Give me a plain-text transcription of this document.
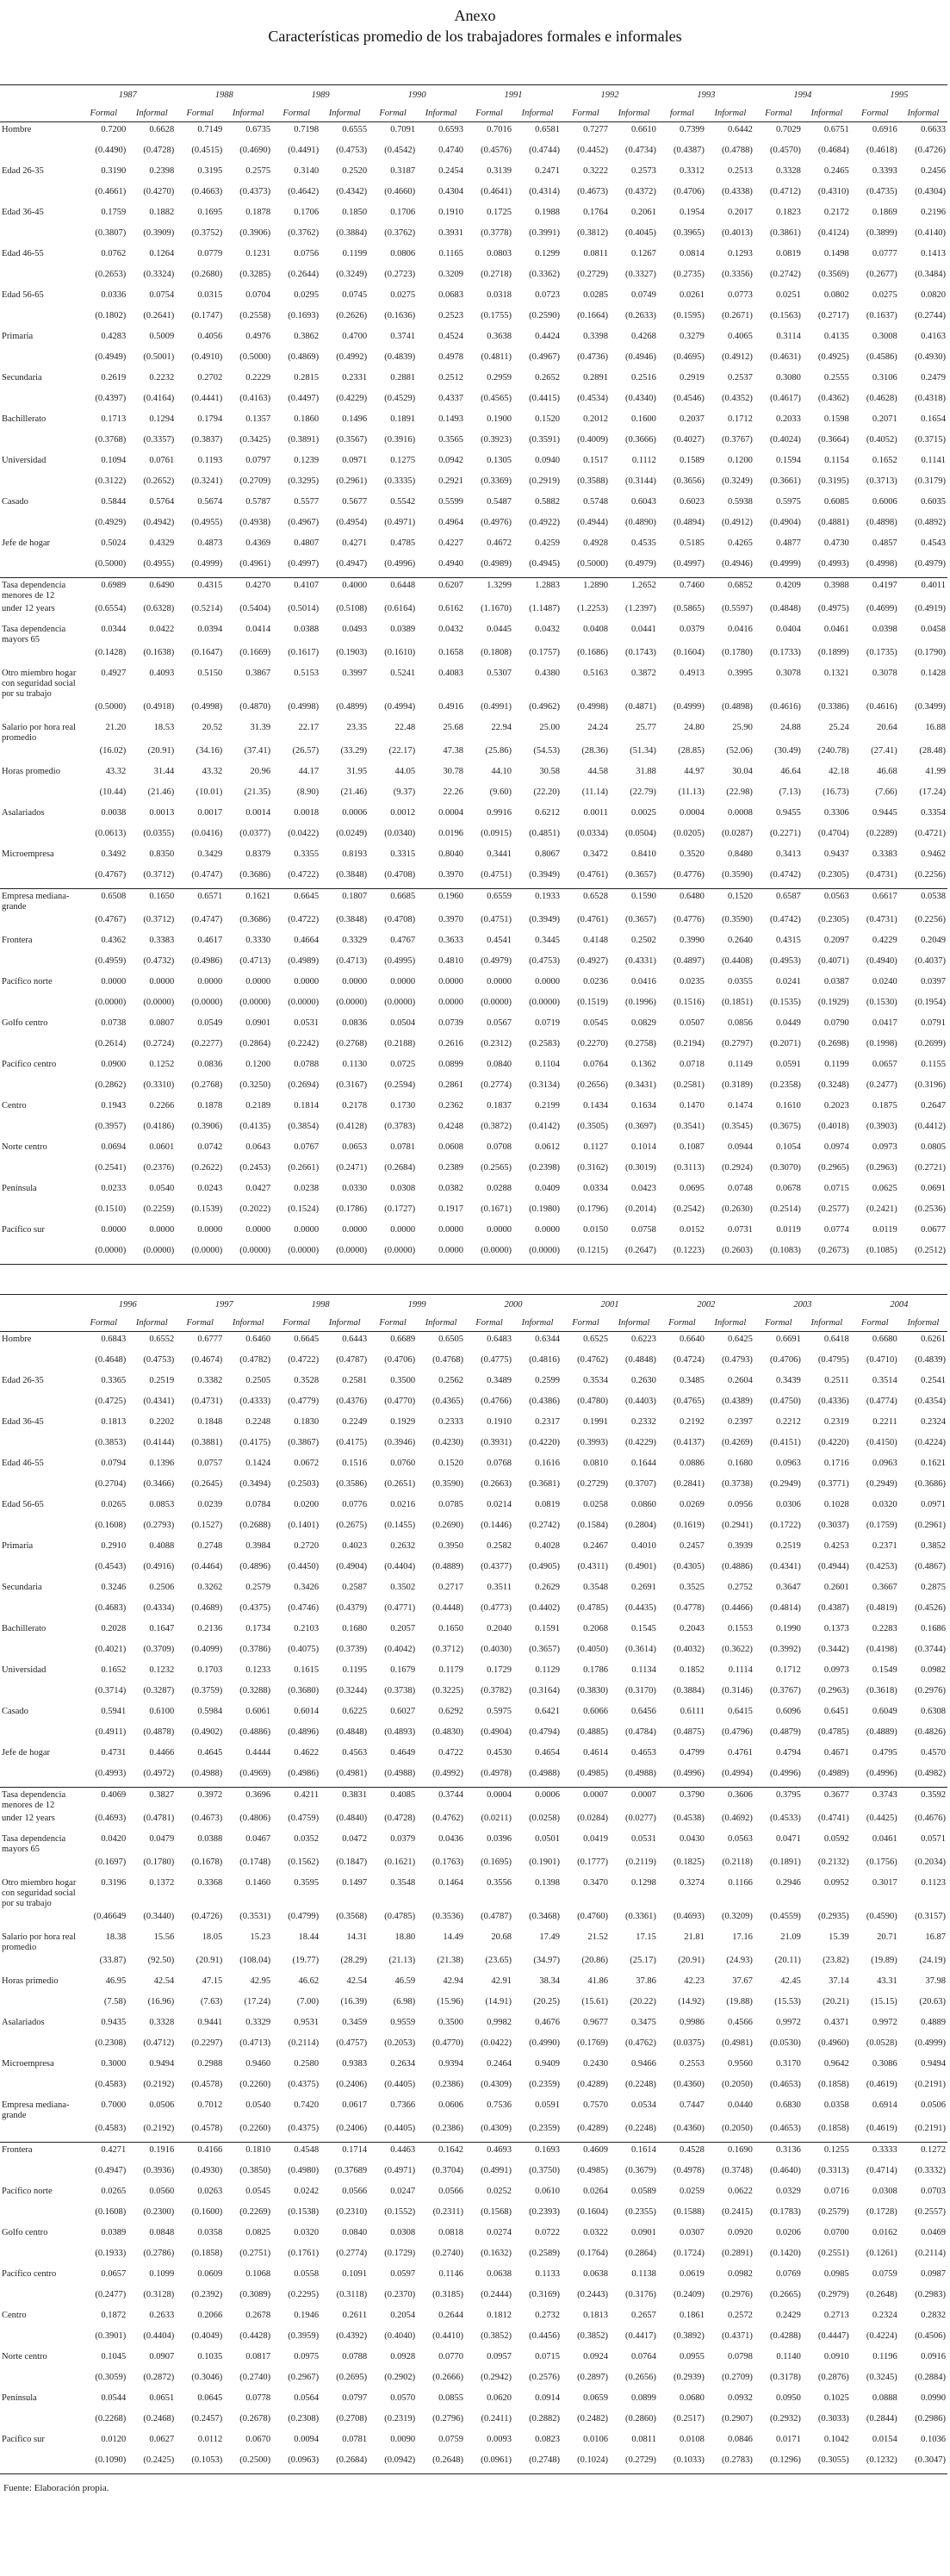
Anexo
Características promedio de los trabajadores formales e informales
	1987		1988		1989		1990		1991		1992		1993		1994		1995	
	Formal	Informal	Formal	Informal	Formal	Informal	Formal	Informal	Formal	Informal	Formal	Informal	formal	Informal	Formal	Informal	Formal	Informal
Hombre	0.7200	0.6628	0.7149	0.6735	0.7198	0.6555	0.7091	0.6593	0.7016	0.6581	0.7277	0.6610	0.7399	0.6442	0.7029	0.6751	0.6916	0.6633
	(0.4490)	(0.4728)	(0.4515)	(0.4690)	(0.4491)	(0.4753)	(0.4542)	0.4740	(0.4576)	(0.4744)	(0.4452)	(0.4734)	(0.4387)	(0.4788)	(0.4570)	(0.4684)	(0.4618)	(0.4726)
Edad 26-35	0.3190	0.2398	0.3195	0.2575	0.3140	0.2520	0.3187	0.2454	0.3139	0.2471	0.3222	0.2573	0.3312	0.2513	0.3328	0.2465	0.3393	0.2456
	(0.4661)	(0.4270)	(0.4663)	(0.4373)	(0.4642)	(0.4342)	(0.4660)	0.4304	(0.4641)	(0.4314)	(0.4673)	(0.4372)	(0.4706)	(0.4338)	(0.4712)	(0.4310)	(0.4735)	(0.4304)
Edad 36-45	0.1759	0.1882	0.1695	0.1878	0.1706	0.1850	0.1706	0.1910	0.1725	0.1988	0.1764	0.2061	0.1954	0.2017	0.1823	0.2172	0.1869	0.2196
	(0.3807)	(0.3909)	(0.3752)	(0.3906)	(0.3762)	(0.3884)	(0.3762)	0.3931	(0.3778)	(0.3991)	(0.3812)	(0.4045)	(0.3965)	(0.4013)	(0.3861)	(0.4124)	(0.3899)	(0.4140)
Edad 46-55	0.0762	0.1264	0.0779	0.1231	0.0756	0.1199	0.0806	0.1165	0.0803	0.1299	0.0811	0.1267	0.0814	0.1293	0.0819	0.1498	0.0777	0.1413
	(0.2653)	(0.3324)	(0.2680)	(0.3285)	(0.2644)	(0.3249)	(0.2723)	0.3209	(0.2718)	(0.3362)	(0.2729)	(0.3327)	(0.2735)	(0.3356)	(0.2742)	(0.3569)	(0.2677)	(0.3484)
Edad 56-65	0.0336	0.0754	0.0315	0.0704	0.0295	0.0745	0.0275	0.0683	0.0318	0.0723	0.0285	0.0749	0.0261	0.0773	0.0251	0.0802	0.0275	0.0820
	(0.1802)	(0.2641)	(0.1747)	(0.2558)	(0.1693)	(0.2626)	(0.1636)	0.2523	(0.1755)	(0.2590)	(0.1664)	(0.2633)	(0.1595)	(0.2671)	(0.1563)	(0.2717)	(0.1637)	(0.2744)
Primaria	0.4283	0.5009	0.4056	0.4976	0.3862	0.4700	0.3741	0.4524	0.3638	0.4424	0.3398	0.4268	0.3279	0.4065	0.3114	0.4135	0.3008	0.4163
	(0.4949)	(0.5001)	(0.4910)	(0.5000)	(0.4869)	(0.4992)	(0.4839)	0.4978	(0.4811)	(0.4967)	(0.4736)	(0.4946)	(0.4695)	(0.4912)	(0.4631)	(0.4925)	(0.4586)	(0.4930)
Secundaria	0.2619	0.2232	0.2702	0.2229	0.2815	0.2331	0.2881	0.2512	0.2959	0.2652	0.2891	0.2516	0.2919	0.2537	0.3080	0.2555	0.3106	0.2479
	(0.4397)	(0.4164)	(0.4441)	(0.4163)	(0.4497)	(0.4229)	(0.4529)	0.4337	(0.4565)	(0.4415)	(0.4534)	(0.4340)	(0.4546)	(0.4352)	(0.4617)	(0.4362)	(0.4628)	(0.4318)
Bachillerato	0.1713	0.1294	0.1794	0.1357	0.1860	0.1496	0.1891	0.1493	0.1900	0.1520	0.2012	0.1600	0.2037	0.1712	0.2033	0.1598	0.2071	0.1654
	(0.3768)	(0.3357)	(0.3837)	(0.3425)	(0.3891)	(0.3567)	(0.3916)	0.3565	(0.3923)	(0.3591)	(0.4009)	(0.3666)	(0.4027)	(0.3767)	(0.4024)	(0.3664)	(0.4052)	(0.3715)
Universidad	0.1094	0.0761	0.1193	0.0797	0.1239	0.0971	0.1275	0.0942	0.1305	0.0940	0.1517	0.1112	0.1589	0.1200	0.1594	0.1154	0.1652	0.1141
	(0.3122)	(0.2652)	(0.3241)	(0.2709)	(0.3295)	(0.2961)	(0.3335)	0.2921	(0.3369)	(0.2919)	(0.3588)	(0.3144)	(0.3656)	(0.3249)	(0.3661)	(0.3195)	(0.3713)	(0.3179)
Casado	0.5844	0.5764	0.5674	0.5787	0.5577	0.5677	0.5542	0.5599	0.5487	0.5882	0.5748	0.6043	0.6023	0.5938	0.5975	0.6085	0.6006	0.6035
	(0.4929)	(0.4942)	(0.4955)	(0.4938)	(0.4967)	(0.4954)	(0.4971)	0.4964	(0.4976)	(0.4922)	(0.4944)	(0.4890)	(0.4894)	(0.4912)	(0.4904)	(0.4881)	(0.4898)	(0.4892)
Jefe de hogar	0.5024	0.4329	0.4873	0.4369	0.4807	0.4271	0.4785	0.4227	0.4672	0.4259	0.4928	0.4535	0.5185	0.4265	0.4877	0.4730	0.4857	0.4543
	(0.5000)	(0.4955)	(0.4999)	(0.4961)	(0.4997)	(0.4947)	(0.4996)	0.4940	(0.4989)	(0.4945)	(0.5000)	(0.4979)	(0.4997)	(0.4946)	(0.4999)	(0.4993)	(0.4998)	(0.4979)
Tasa dependencia menores de 12	0.6989	0.6490	0.4315	0.4270	0.4107	0.4000	0.6448	0.6207	1.3299	1.2883	1.2890	1.2652	0.7460	0.6852	0.4209	0.3988	0.4197	0.4011
under 12 years	(0.6554)	(0.6328)	(0.5214)	(0.5404)	(0.5014)	(0.5108)	(0.6164)	0.6162	(1.1670)	(1.1487)	(1.2253)	(1.2397)	(0.5865)	(0.5597)	(0.4848)	(0.4975)	(0.4699)	(0.4919)
Tasa dependencia mayors 65	0.0344	0.0422	0.0394	0.0414	0.0388	0.0493	0.0389	0.0432	0.0445	0.0432	0.0408	0.0441	0.0379	0.0416	0.0404	0.0461	0.0398	0.0458
	(0.1428)	(0.1638)	(0.1647)	(0.1669)	(0.1617)	(0.1903)	(0.1610)	0.1658	(0.1808)	(0.1757)	(0.1686)	(0.1743)	(0.1604)	(0.1780)	(0.1733)	(0.1899)	(0.1735)	(0.1790)
Otro miembro hogar con seguridad social por su trabajo	0.4927	0.4093	0.5150	0.3867	0.5153	0.3997	0.5241	0.4083	0.5307	0.4380	0.5163	0.3872	0.4913	0.3995	0.3078	0.1321	0.3078	0.1428
	(0.5000)	(0.4918)	(0.4998)	(0.4870)	(0.4998)	(0.4899)	(0.4994)	0.4916	(0.4991)	(0.4962)	(0.4998)	(0.4871)	(0.4999)	(0.4898)	(0.4616)	(0.3386)	(0.4616)	(0.3499)
Salario por hora real promedio	21.20	18.53	20.52	31.39	22.17	23.35	22.48	25.68	22.94	25.00	24.24	25.77	24.80	25.90	24.88	25.24	20.64	16.88
	(16.02)	(20.91)	(34.16)	(37.41)	(26.57)	(33.29)	(22.17)	47.38	(25.86)	(54.53)	(28.36)	(51.34)	(28.85)	(52.06)	(30.49)	(240.78)	(27.41)	(28.48)
Horas promedio	43.32	31.44	43.32	20.96	44.17	31.95	44.05	30.78	44.10	30.58	44.58	31.88	44.97	30.04	46.64	42.18	46.68	41.99
	(10.44)	(21.46)	(10.01)	(21.35)	(8.90)	(21.46)	(9.37)	22.26	(9.60)	(22.20)	(11.14)	(22.79)	(11.13)	(22.98)	(7.13)	(16.73)	(7.66)	(17.24)
Asalariados	0.0038	0.0013	0.0017	0.0014	0.0018	0.0006	0.0012	0.0004	0.9916	0.6212	0.0011	0.0025	0.0004	0.0008	0.9455	0.3306	0.9445	0.3354
	(0.0613)	(0.0355)	(0.0416)	(0.0377)	(0.0422)	(0.0249)	(0.0340)	0.0196	(0.0915)	(0.4851)	(0.0334)	(0.0504)	(0.0205)	(0.0287)	(0.2271)	(0.4704)	(0.2289)	(0.4721)
Microempresa	0.3492	0.8350	0.3429	0.8379	0.3355	0.8193	0.3315	0.8040	0.3441	0.8067	0.3472	0.8410	0.3520	0.8480	0.3413	0.9437	0.3383	0.9462
	(0.4767)	(0.3712)	(0.4747)	(0.3686)	(0.4722)	(0.3848)	(0.4708)	0.3970	(0.4751)	(0.3949)	(0.4761)	(0.3657)	(0.4776)	(0.3590)	(0.4742)	(0.2305)	(0.4731)	(0.2256)
Empresa mediana-grande	0.6508	0.1650	0.6571	0.1621	0.6645	0.1807	0.6685	0.1960	0.6559	0.1933	0.6528	0.1590	0.6480	0.1520	0.6587	0.0563	0.6617	0.0538
	(0.4767)	(0.3712)	(0.4747)	(0.3686)	(0.4722)	(0.3848)	(0.4708)	0.3970	(0.4751)	(0.3949)	(0.4761)	(0.3657)	(0.4776)	(0.3590)	(0.4742)	(0.2305)	(0.4731)	(0.2256)
Frontera	0.4362	0.3383	0.4617	0.3330	0.4664	0.3329	0.4767	0.3633	0.4541	0.3445	0.4148	0.2502	0.3990	0.2640	0.4315	0.2097	0.4229	0.2049
	(0.4959)	(0.4732)	(0.4986)	(0.4713)	(0.4989)	(0.4713)	(0.4995)	0.4810	(0.4979)	(0.4753)	(0.4927)	(0.4331)	(0.4897)	(0.4408)	(0.4953)	(0.4071)	(0.4940)	(0.4037)
Pacífico norte	0.0000	0.0000	0.0000	0.0000	0.0000	0.0000	0.0000	0.0000	0.0000	0.0000	0.0236	0.0416	0.0235	0.0355	0.0241	0.0387	0.0240	0.0397
	(0.0000)	(0.0000)	(0.0000)	(0.0000)	(0.0000)	(0.0000)	(0.0000)	0.0000	(0.0000)	(0.0000)	(0.1519)	(0.1996)	(0.1516)	(0.1851)	(0.1535)	(0.1929)	(0.1530)	(0.1954)
Golfo centro	0.0738	0.0807	0.0549	0.0901	0.0531	0.0836	0.0504	0.0739	0.0567	0.0719	0.0545	0.0829	0.0507	0.0856	0.0449	0.0790	0.0417	0.0791
	(0.2614)	(0.2724)	(0.2277)	(0.2864)	(0.2242)	(0.2768)	(0.2188)	0.2616	(0.2312)	(0.2583)	(0.2270)	(0.2758)	(0.2194)	(0.2797)	(0.2071)	(0.2698)	(0.1998)	(0.2699)
Pacífico centro	0.0900	0.1252	0.0836	0.1200	0.0788	0.1130	0.0725	0.0899	0.0840	0.1104	0.0764	0.1362	0.0718	0.1149	0.0591	0.1199	0.0657	0.1155
	(0.2862)	(0.3310)	(0.2768)	(0.3250)	(0.2694)	(0.3167)	(0.2594)	0.2861	(0.2774)	(0.3134)	(0.2656)	(0.3431)	(0.2581)	(0.3189)	(0.2358)	(0.3248)	(0.2477)	(0.3196)
Centro	0.1943	0.2266	0.1878	0.2189	0.1814	0.2178	0.1730	0.2362	0.1837	0.2199	0.1434	0.1634	0.1470	0.1474	0.1610	0.2023	0.1875	0.2647
	(0.3957)	(0.4186)	(0.3906)	(0.4135)	(0.3854)	(0.4128)	(0.3783)	0.4248	(0.3872)	(0.4142)	(0.3505)	(0.3697)	(0.3541)	(0.3545)	(0.3675)	(0.4018)	(0.3903)	(0.4412)
Norte centro	0.0694	0.0601	0.0742	0.0643	0.0767	0.0653	0.0781	0.0608	0.0708	0.0612	0.1127	0.1014	0.1087	0.0944	0.1054	0.0974	0.0973	0.0805
	(0.2541)	(0.2376)	(0.2622)	(0.2453)	(0.2661)	(0.2471)	(0.2684)	0.2389	(0.2565)	(0.2398)	(0.3162)	(0.3019)	(0.3113)	(0.2924)	(0.3070)	(0.2965)	(0.2963)	(0.2721)
Península	0.0233	0.0540	0.0243	0.0427	0.0238	0.0330	0.0308	0.0382	0.0288	0.0409	0.0334	0.0423	0.0695	0.0748	0.0678	0.0715	0.0625	0.0691
	(0.1510)	(0.2259)	(0.1539)	(0.2022)	(0.1524)	(0.1786)	(0.1727)	0.1917	(0.1671)	(0.1980)	(0.1796)	(0.2014)	(0.2542)	(0.2630)	(0.2514)	(0.2577)	(0.2421)	(0.2536)
Pacífico sur	0.0000	0.0000	0.0000	0.0000	0.0000	0.0000	0.0000	0.0000	0.0000	0.0000	0.0150	0.0758	0.0152	0.0731	0.0119	0.0774	0.0119	0.0677
	(0.0000)	(0.0000)	(0.0000)	(0.0000)	(0.0000)	(0.0000)	(0.0000)	0.0000	(0.0000)	(0.0000)	(0.1215)	(0.2647)	(0.1223)	(0.2603)	(0.1083)	(0.2673)	(0.1085)	(0.2512)
	1996		1997		1998		1999		2000		2001		2002		2003		2004	
	Formal	Informal	Formal	Informal	Formal	Informal	Formal	Informal	Formal	Informal	Formal	Informal	Formal	Informal	Formal	Informal	Formal	Informal
Hombre	0.6843	0.6552	0.6777	0.6460	0.6645	0.6443	0.6689	0.6505	0.6483	0.6344	0.6525	0.6223	0.6640	0.6425	0.6691	0.6418	0.6680	0.6261
	(0.4648)	(0.4753)	(0.4674)	(0.4782)	(0.4722)	(0.4787)	(0.4706)	(0.4768)	(0.4775)	(0.4816)	(0.4762)	(0.4848)	(0.4724)	(0.4793)	(0.4706)	(0.4795)	(0.4710)	(0.4839)
Edad 26-35	0.3365	0.2519	0.3382	0.2505	0.3528	0.2581	0.3500	0.2562	0.3489	0.2599	0.3534	0.2630	0.3485	0.2604	0.3439	0.2511	0.3514	0.2541
	(0.4725)	(0.4341)	(0.4731)	(0.4333)	(0.4779)	(0.4376)	(0.4770)	(0.4365)	(0.4766)	(0.4386)	(0.4780)	(0.4403)	(0.4765)	(0.4389)	(0.4750)	(0.4336)	(0.4774)	(0.4354)
Edad 36-45	0.1813	0.2202	0.1848	0.2248	0.1830	0.2249	0.1929	0.2333	0.1910	0.2317	0.1991	0.2332	0.2192	0.2397	0.2212	0.2319	0.2211	0.2324
	(0.3853)	(0.4144)	(0.3881)	(0.4175)	(0.3867)	(0.4175)	(0.3946)	(0.4230)	(0.3931)	(0.4220)	(0.3993)	(0.4229)	(0.4137)	(0.4269)	(0.4151)	(0.4220)	(0.4150)	(0.4224)
Edad 46-55	0.0794	0.1396	0.0757	0.1424	0.0672	0.1516	0.0760	0.1520	0.0768	0.1616	0.0810	0.1644	0.0886	0.1680	0.0963	0.1716	0.0963	0.1621
	(0.2704)	(0.3466)	(0.2645)	(0.3494)	(0.2503)	(0.3586)	(0.2651)	(0.3590)	(0.2663)	(0.3681)	(0.2729)	(0.3707)	(0.2841)	(0.3738)	(0.2949)	(0.3771)	(0.2949)	(0.3686)
Edad 56-65	0.0265	0.0853	0.0239	0.0784	0.0200	0.0776	0.0216	0.0785	0.0214	0.0819	0.0258	0.0860	0.0269	0.0956	0.0306	0.1028	0.0320	0.0971
	(0.1608)	(0.2793)	(0.1527)	(0.2688)	(0.1401)	(0.2675)	(0.1455)	(0.2690)	(0.1446)	(0.2742)	(0.1584)	(0.2804)	(0.1619)	(0.2941)	(0.1722)	(0.3037)	(0.1759)	(0.2961)
Primaria	0.2910	0.4088	0.2748	0.3984	0.2720	0.4023	0.2632	0.3950	0.2582	0.4028	0.2467	0.4010	0.2457	0.3939	0.2519	0.4253	0.2371	0.3852
	(0.4543)	(0.4916)	(0.4464)	(0.4896)	(0.4450)	(0.4904)	(0.4404)	(0.4889)	(0.4377)	(0.4905)	(0.4311)	(0.4901)	(0.4305)	(0.4886)	(0.4341)	(0.4944)	(0.4253)	(0.4867)
Secundaria	0.3246	0.2506	0.3262	0.2579	0.3426	0.2587	0.3502	0.2717	0.3511	0.2629	0.3548	0.2691	0.3525	0.2752	0.3647	0.2601	0.3667	0.2875
	(0.4683)	(0.4334)	(0.4689)	(0.4375)	(0.4746)	(0.4379)	(0.4771)	(0.4448)	(0.4773)	(0.4402)	(0.4785)	(0.4435)	(0.4778)	(0.4466)	(0.4814)	(0.4387)	(0.4819)	(0.4526)
Bachillerato	0.2028	0.1647	0.2136	0.1734	0.2103	0.1680	0.2057	0.1650	0.2040	0.1591	0.2068	0.1545	0.2043	0.1553	0.1990	0.1373	0.2283	0.1686
	(0.4021)	(0.3709)	(0.4099)	(0.3786)	(0.4075)	(0.3739)	(0.4042)	(0.3712)	(0.4030)	(0.3657)	(0.4050)	(0.3614)	(0.4032)	(0.3622)	(0.3992)	(0.3442)	(0.4198)	(0.3744)
Universidad	0.1652	0.1232	0.1703	0.1233	0.1615	0.1195	0.1679	0.1179	0.1729	0.1129	0.1786	0.1134	0.1852	0.1114	0.1712	0.0973	0.1549	0.0982
	(0.3714)	(0.3287)	(0.3759)	(0.3288)	(0.3680)	(0.3244)	(0.3738)	(0.3225)	(0.3782)	(0.3164)	(0.3830)	(0.3170)	(0.3884)	(0.3146)	(0.3767)	(0.2963)	(0.3618)	(0.2976)
Casado	0.5941	0.6100	0.5984	0.6061	0.6014	0.6225	0.6027	0.6292	0.5975	0.6421	0.6066	0.6456	0.6111	0.6415	0.6096	0.6451	0.6049	0.6308
	(0.4911)	(0.4878)	(0.4902)	(0.4886)	(0.4896)	(0.4848)	(0.4893)	(0.4830)	(0.4904)	(0.4794)	(0.4885)	(0.4784)	(0.4875)	(0.4796)	(0.4879)	(0.4785)	(0.4889)	(0.4826)
Jefe de hogar	0.4731	0.4466	0.4645	0.4444	0.4622	0.4563	0.4649	0.4722	0.4530	0.4654	0.4614	0.4653	0.4799	0.4761	0.4794	0.4671	0.4795	0.4570
	(0.4993)	(0.4972)	(0.4988)	(0.4969)	(0.4986)	(0.4981)	(0.4988)	(0.4992)	(0.4978)	(0.4988)	(0.4985)	(0.4988)	(0.4996)	(0.4994)	(0.4996)	(0.4989)	(0.4996)	(0.4982)
Tasa dependencia menores de 12	0.4069	0.3827	0.3972	0.3696	0.4211	0.3831	0.4085	0.3744	0.0004	0.0006	0.0007	0.0007	0.3790	0.3606	0.3795	0.3677	0.3743	0.3592
under 12 years	(0.4693)	(0.4781)	(0.4673)	(0.4806)	(0.4759)	(0.4840)	(0.4728)	(0.4762)	(0.0211)	(0.0258)	(0.0284)	(0.0277)	(0.4538)	(0.4692)	(0.4533)	(0.4741)	(0.4425)	(0.4676)
Tasa dependencia mayors 65	0.0420	0.0479	0.0388	0.0467	0.0352	0.0472	0.0379	0.0436	0.0396	0.0501	0.0419	0.0531	0.0430	0.0563	0.0471	0.0592	0.0461	0.0571
	(0.1697)	(0.1780)	(0.1678)	(0.1748)	(0.1562)	(0.1847)	(0.1621)	(0.1763)	(0.1695)	(0.1901)	(0.1777)	(0.2119)	(0.1825)	(0.2118)	(0.1891)	(0.2132)	(0.1756)	(0.2034)
Otro miembro hogar con seguridad social por su trabajo	0.3196	0.1372	0.3368	0.1460	0.3595	0.1497	0.3548	0.1464	0.3556	0.1398	0.3470	0.1298	0.3274	0.1166	0.2946	0.0952	0.3017	0.1123
	(0.46649	(0.3440)	(0.4726)	(0.3531)	(0.4799)	(0.3568)	(0.4785)	(0.3536)	(0.4787)	(0.3468)	(0.4760)	(0.3361)	(0.4693)	(0.3209)	(0.4559)	(0.2935)	(0.4590)	(0.3157)
Salario por hora real promedio	18.38	15.56	18.05	15.23	18.44	14.31	18.80	14.49	20.68	17.49	21.52	17.15	21.81	17.16	21.09	15.39	20.71	16.87
	(33.87)	(92.50)	(20.91)	(108.04)	(19.77)	(28.29)	(21.13)	(21.38)	(23.65)	(34.97)	(20.86)	(25.17)	(20.91)	(24.93)	(20.11)	(23.82)	(19.89)	(24.19)
Horas primedio	46.95	42.54	47.15	42.95	46.62	42.54	46.59	42.94	42.91	38.34	41.86	37.86	42.23	37.67	42.45	37.14	43.31	37.98
	(7.58)	(16.96)	(7.63)	(17.24)	(7.00)	(16.39)	(6.98)	(15.96)	(14.91)	(20.25)	(15.61)	(20.22)	(14.92)	(19.88)	(15.53)	(20.21)	(15.15)	(20.63)
Asalariados	0.9435	0.3328	0.9441	0.3329	0.9531	0.3459	0.9559	0.3500	0.9982	0.4676	0.9677	0.3475	0.9986	0.4566	0.9972	0.4371	0.9972	0.4889
	(0.2308)	(0.4712)	(0.2297)	(0.4713)	(0.2114)	(0.4757)	(0.2053)	(0.4770)	(0.0422)	(0.4990)	(0.1769)	(0.4762)	(0.0375)	(0.4981)	(0.0530)	(0.4960)	(0.0528)	(0.4999)
Microempresa	0.3000	0.9494	0.2988	0.9460	0.2580	0.9383	0.2634	0.9394	0.2464	0.9409	0.2430	0.9466	0.2553	0.9560	0.3170	0.9642	0.3086	0.9494
	(0.4583)	(0.2192)	(0.4578)	(0.2260)	(0.4375)	(0.2406)	(0.4405)	(0.2386)	(0.4309)	(0.2359)	(0.4289)	(0.2248)	(0.4360)	(0.2050)	(0.4653)	(0.1858)	(0.4619)	(0.2191)
Empresa mediana-grande	0.7000	0.0506	0.7012	0.0540	0.7420	0.0617	0.7366	0.0606	0.7536	0.0591	0.7570	0.0534	0.7447	0.0440	0.6830	0.0358	0.6914	0.0506
	(0.4583)	(0.2192)	(0.4578)	(0.2260)	(0.4375)	(0.2406)	(0.4405)	(0.2386)	(0.4309)	(0.2359)	(0.4289)	(0.2248)	(0.4360)	(0.2050)	(0.4653)	(0.1858)	(0.4619)	(0.2191)
Frontera	0.4271	0.1916	0.4166	0.1810	0.4548	0.1714	0.4463	0.1642	0.4693	0.1693	0.4609	0.1614	0.4528	0.1690	0.3136	0.1255	0.3333	0.1272
	(0.4947)	(0.3936)	(0.4930)	(0.3850)	(0.4980)	(0.37689	(0.4971)	(0.3704)	(0.4991)	(0.3750)	(0.4985)	(0.3679)	(0.4978)	(0.3748)	(0.4640)	(0.3313)	(0.4714)	(0.3332)
Pacífico norte	0.0265	0.0560	0.0263	0.0545	0.0242	0.0566	0.0247	0.0566	0.0252	0.0610	0.0264	0.0589	0.0259	0.0622	0.0329	0.0716	0.0308	0.0703
	(0.1608)	(0.2300)	(0.1600)	(0.2269)	(0.1538)	(0.2310)	(0.1552)	(0.2311)	(0.1568)	(0.2393)	(0.1604)	(0.2355)	(0.1588)	(0.2415)	(0.1783)	(0.2579)	(0.1728)	(0.2557)
Golfo centro	0.0389	0.0848	0.0358	0.0825	0.0320	0.0840	0.0308	0.0818	0.0274	0.0722	0.0322	0.0901	0.0307	0.0920	0.0206	0.0700	0.0162	0.0469
	(0.1933)	(0.2786)	(0.1858)	(0.2751)	(0.1761)	(0.2774)	(0.1729)	(0.2740)	(0.1632)	(0.2589)	(0.1764)	(0.2864)	(0.1724)	(0.2891)	(0.1420)	(0.2551)	(0.1261)	(0.2114)
Pacífico centro	0.0657	0.1099	0.0609	0.1068	0.0558	0.1091	0.0597	0.1146	0.0638	0.1133	0.0638	0.1138	0.0619	0.0982	0.0769	0.0985	0.0759	0.0987
	(0.2477)	(0.3128)	(0.2392)	(0.3089)	(0.2295)	(0.3118)	(0.2370)	(0.3185)	(0.2444)	(0.3169)	(0.2443)	(0.3176)	(0.2409)	(0.2976)	(0.2665)	(0.2979)	(0.2648)	(0.2983)
Centro	0.1872	0.2633	0.2066	0.2678	0.1946	0.2611	0.2054	0.2644	0.1812	0.2732	0.1813	0.2657	0.1861	0.2572	0.2429	0.2713	0.2324	0.2832
	(0.3901)	(0.4404)	(0.4049)	(0.4428)	(0.3959)	(0.4392)	(0.4040)	(0.4410)	(0.3852)	(0.4456)	(0.3852)	(0.4417)	(0.3892)	(0.4371)	(0.4288)	(0.4447)	(0.4224)	(0.4506)
Norte centro	0.1045	0.0907	0.1035	0.0817	0.0975	0.0788	0.0928	0.0770	0.0957	0.0715	0.0924	0.0764	0.0955	0.0798	0.1140	0.0910	0.1196	0.0916
	(0.3059)	(0.2872)	(0.3046)	(0.2740)	(0.2967)	(0.2695)	(0.2902)	(0.2666)	(0.2942)	(0.2576)	(0.2897)	(0.2656)	(0.2939)	(0.2709)	(0.3178)	(0.2876)	(0.3245)	(0.2884)
Península	0.0544	0.0651	0.0645	0.0778	0.0564	0.0797	0.0570	0.0855	0.0620	0.0914	0.0659	0.0899	0.0680	0.0932	0.0950	0.1025	0.0888	0.0990
	(0.2268)	(0.2468)	(0.2457)	(0.2678)	(0.2308)	(0.2708)	(0.2319)	(0.2796)	(0.2411)	(0.2882)	(0.2482)	(0.2860)	(0.2517)	(0.2907)	(0.2932)	(0.3033)	(0.2844)	(0.2986)
Pacífico sur	0.0120	0.0627	0.0112	0.0670	0.0094	0.0781	0.0090	0.0759	0.0093	0.0823	0.0106	0.0811	0.0108	0.0846	0.0171	0.1042	0.0154	0.1036
	(0.1090)	(0.2425)	(0.1053)	(0.2500)	(0.0963)	(0.2684)	(0.0942)	(0.2648)	(0.0961)	(0.2748)	(0.1024)	(0.2729)	(0.1033)	(0.2783)	(0.1296)	(0.3055)	(0.1232)	(0.3047)
Fuente: Elaboración propia.
